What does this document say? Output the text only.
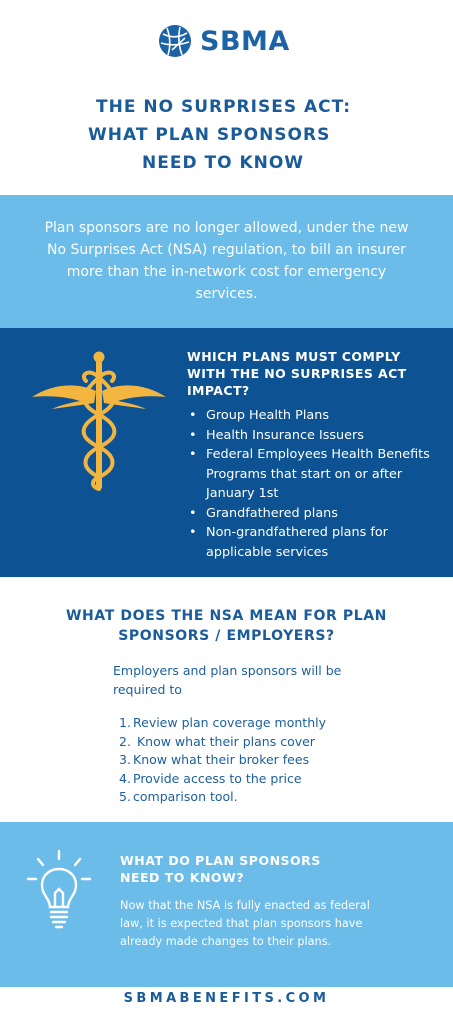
SBMA
THE NO SURPRISES ACT:
WHAT PLAN SPONSORS
NEED TO KNOW

Plan sponsors are no longer allowed, under the new No Surprises Act (NSA) regulation, to bill an insurer more than the in-network cost for emergency services.

WHICH PLANS MUST COMPLY WITH THE NO SURPRISES ACT IMPACT?
• Group Health Plans
• Health Insurance Issuers
• Federal Employees Health Benefits Programs that start on or after January 1st
• Grandfathered plans
• Non-grandfathered plans for applicable services
WHAT DOES THE NSA MEAN FOR PLAN
SPONSORS / EMPLOYERS?

Employers and plan sponsors will be required to

1. Review plan coverage monthly
2. Know what their plans cover
3. Know what their broker fees
4. Provide access to the price
5. comparison tool.
WHAT DO PLAN SPONSORS
NEED TO KNOW?

Now that the NSA is fully enacted as federal law, it is expected that plan sponsors have already made changes to their plans.

SBMABENEFITS.COM
